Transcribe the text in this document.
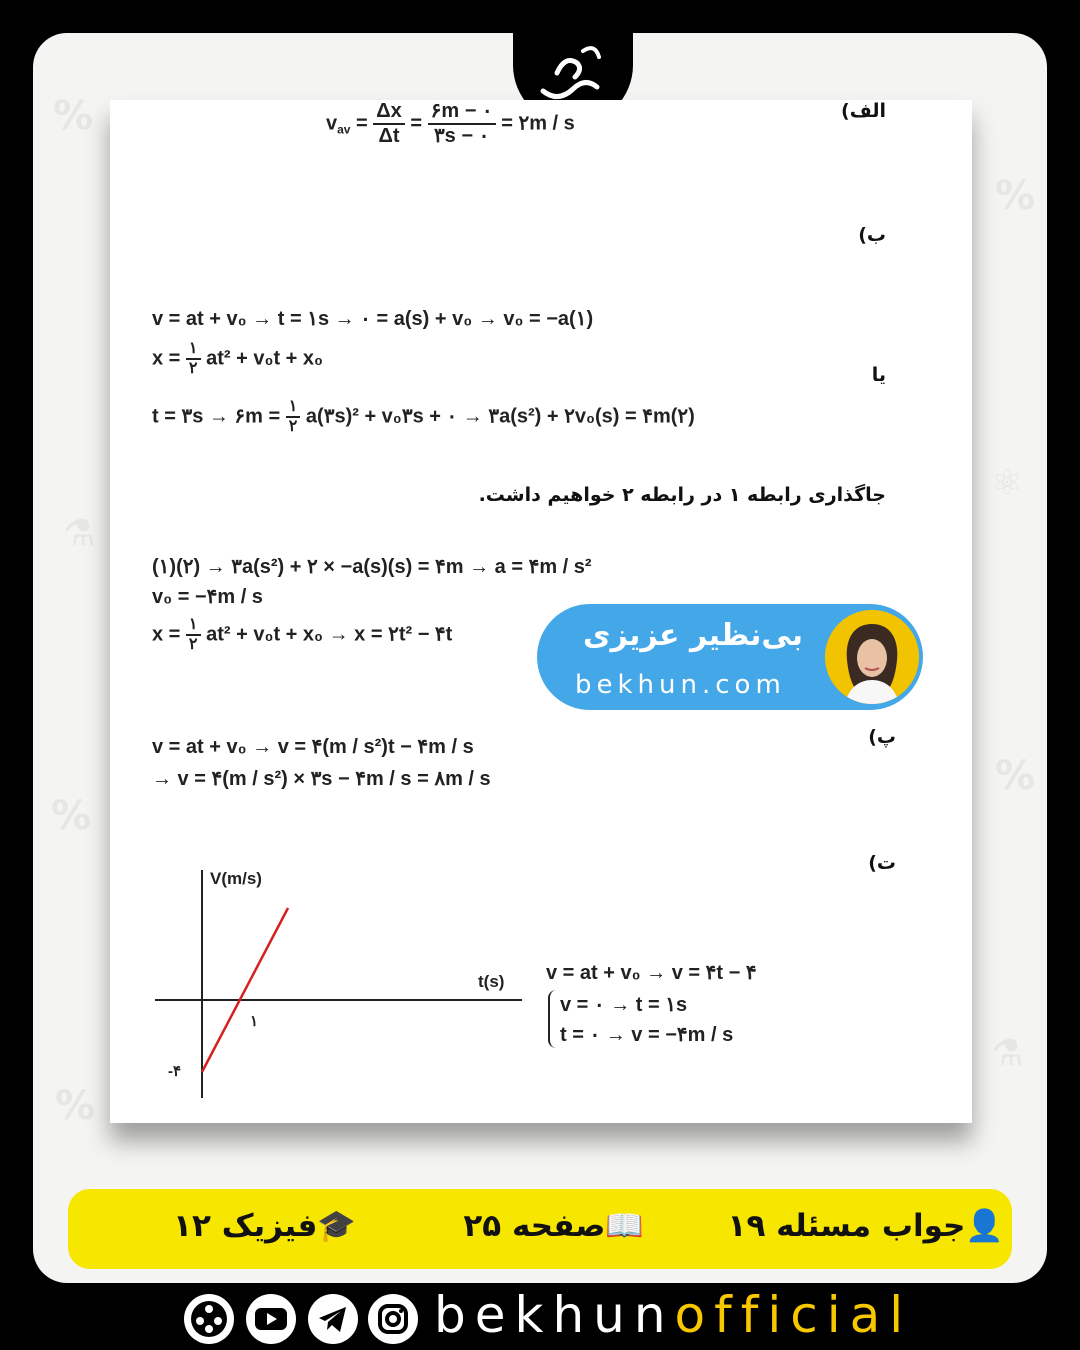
%
⚗
%
%
%
⚛
%
⚗
الف)
$v_{av} = \frac{\Delta x}{\Delta t} = \frac{۶m - ۰}{۳s - ۰}$ = ۲m / s
ب)
v = at + v₀ → t = ۱s → ۰ = a(s) + v₀ → v₀ = −a(۱)
$x = \frac{۱}{۲} at^2 + v_0t + x_0$
یا
t = ۳s → ۶m = $\frac{۱}{۲}$ a(۳s)² + v₀۳s + ۰ → ۳a(s²) + ۲v₀(s) = ۴m(۲)
جاگذاری رابطه ۱ در رابطه ۲ خواهیم داشت.
(۱)(۲) → ۳a(s²) + ۲ × −a(s)(s) = ۴m → a = ۴m / s²
v₀ = −۴m / s
$x = \frac{۱}{۲} at^2 + v_0t + x_0 \to x$ = ۲t² − ۴t
پ)
v = at + v₀ → v = ۴(m / s²)t − ۴m / s
→ v = ۴(m / s²) × ۳s − ۴m / s = ۸m / s
ت)
V(m/s)
t(s)
۱
-۴
v = at + v₀ → v = ۴t − ۴
v = ۰ → t = ۱s
t = ۰ → v = −۴m / s
بی‌نظیر عزیزی
bekhun.com
👤جواب مسئله ۱۹
📖صفحه ۲۵
🎓فیزیک ۱۲
bekhunofficial
